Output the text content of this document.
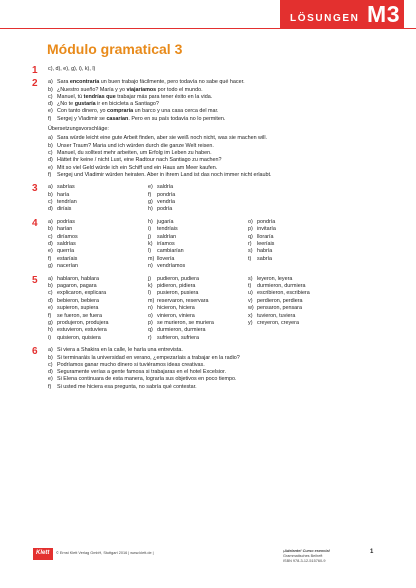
LÖSUNGEN M3
Módulo gramatical 3
1 c), d), e), g), i), k), l)
2 a) Sara encontraría un buen trabajo fácilmente, pero todavía no sabe qué hacer.
b) ¿Nuestro sueño? María y yo viajaríamos por todo el mundo.
c) Manuel, tú tendrías que trabajar más para tener éxito en la vida.
d) ¿No te gustaría ir en bicicleta a Santiago?
e) Con tanto dinero, yo compraría un barco y una casa cerca del mar.
f) Sergej y Vladimir se casarían. Pero en su país todavía no lo permiten.
Übersetzungsvorschläge:
a) Sara würde leicht eine gute Arbeit finden, aber sie weiß noch nicht, was sie machen will.
b) Unser Traum? Maria und ich würden durch die ganze Welt reisen.
c) Manuel, du solltest mehr arbeiten, um Erfolg im Leben zu haben.
d) Hättet ihr keine / nicht Lust, eine Radtour nach Santiago zu machen?
e) Mit so viel Geld würde ich ein Schiff und ein Haus am Meer kaufen.
f) Sergej und Vladimir würden heiraten. Aber in ihrem Land ist das noch immer nicht erlaubt.
3 a) sabrías	e) saldría
b) haría	f) pondría
c) tendrían	g) vendría
d) diríais	h) podría
4 a) podrías	h) jugaría	o) pondría
b) harían	i) tendríais	p) invitaría
c) diríamos	j) saldrían	q) lloraría
d) saldrías	k) iríamos	r) leeríais
e) querría	l) cambiarían	s) habría
f) estaríais	m) llovería	t) sabría
g) nacerían	n) vendríamos
5 a) hablaron, hablara	j) pudieron, pudiera	s) leyeron, leyera
b) pagaron, pagara	k) pidieron, pidiera	t) durmieron, durmiera
c) explicaron, explicara	l) pusieron, pusiera	u) escribieron, escribiera
d) bebieron, bebiera	m) reservaron, reservara	v) perdieron, perdiera
e) supieron, supiera	n) hicieron, hiciera	w) pensaron, pensara
f) se fueron, se fuera	o) vinieron, viniera	x) tuvieron, tuviera
g) produjeron, produjera	p) se murieron, se muriera	y) creyeron, creyera
h) estuvieron, estuviera	q) durmieron, durmiera
i) quisieron, quisiera	r) sufrieron, sufriera
6 a) Si viera a Shakira en la calle, le haría una entrevista.
b) Si terminaráis la universidad en verano, ¿empezaríais a trabajar en la radio?
c) Podríamos ganar mucho dinero si tuviéramos ideas creativas.
d) Seguramente verías a gente famosa si trabajaras en el hotel Excelsior.
e) Si Elena continuara de esta manera, lograría sus objetivos en poco tiempo.
f) Si usted me hiciera esa pregunta, no sabría qué contestar.
Klett © Ernst Klett Verlag GmbH, Stuttgart 2016 | www.klett.de |	¡Adelante! Curso esencial
Grammatisches Beiheft
ISBN 978-3-12-515760-9
1
